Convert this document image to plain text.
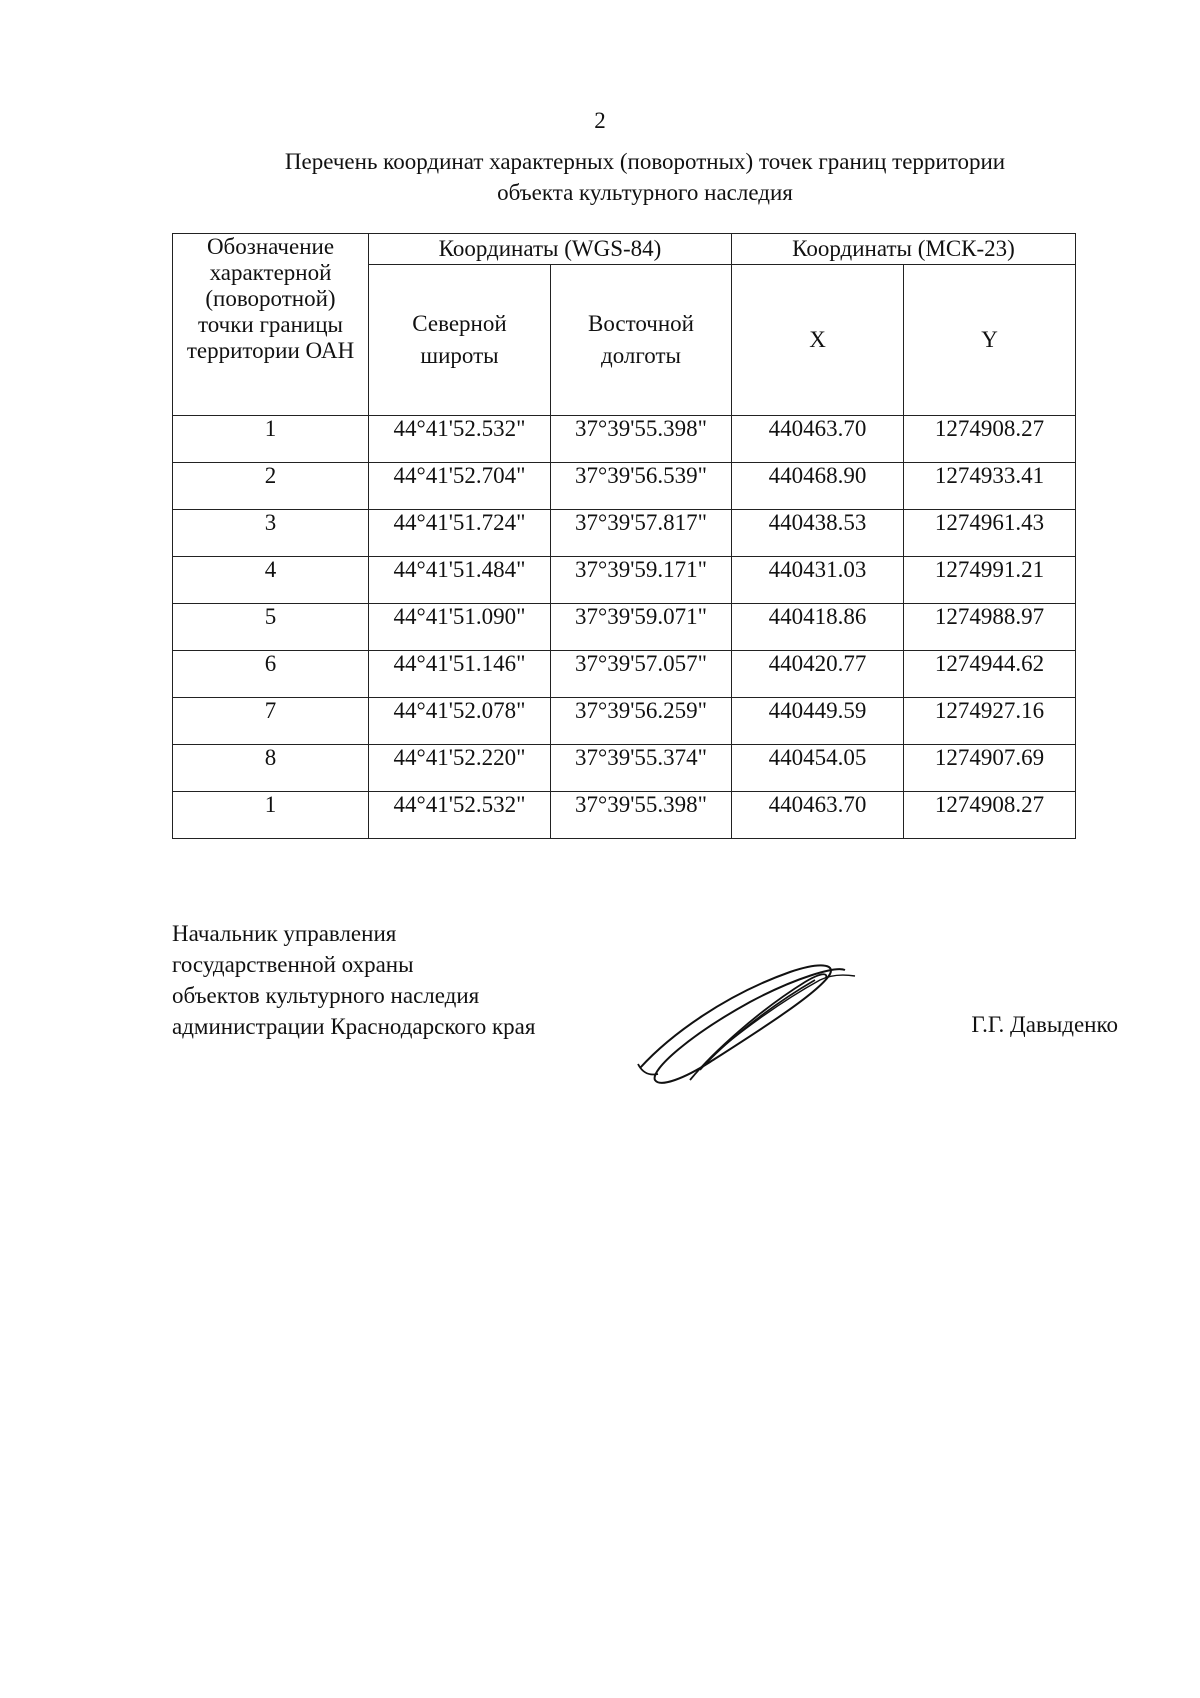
2
Перечень координат характерных (поворотных) точек границ территории
объекта культурного наследия
Обозначение характерной (поворотной) точки границы территории ОАН	Координаты (WGS-84)		Координаты (МСК-23)	
	Северной широты	Восточной долготы	X	Y
1	44°41'52.532"	37°39'55.398"	440463.70	1274908.27
2	44°41'52.704"	37°39'56.539"	440468.90	1274933.41
3	44°41'51.724"	37°39'57.817"	440438.53	1274961.43
4	44°41'51.484"	37°39'59.171"	440431.03	1274991.21
5	44°41'51.090"	37°39'59.071"	440418.86	1274988.97
6	44°41'51.146"	37°39'57.057"	440420.77	1274944.62
7	44°41'52.078"	37°39'56.259"	440449.59	1274927.16
8	44°41'52.220"	37°39'55.374"	440454.05	1274907.69
1	44°41'52.532"	37°39'55.398"	440463.70	1274908.27
Начальник управления
государственной охраны
объектов культурного наследия
администрации Краснодарского края	Г.Г. Давыденко
